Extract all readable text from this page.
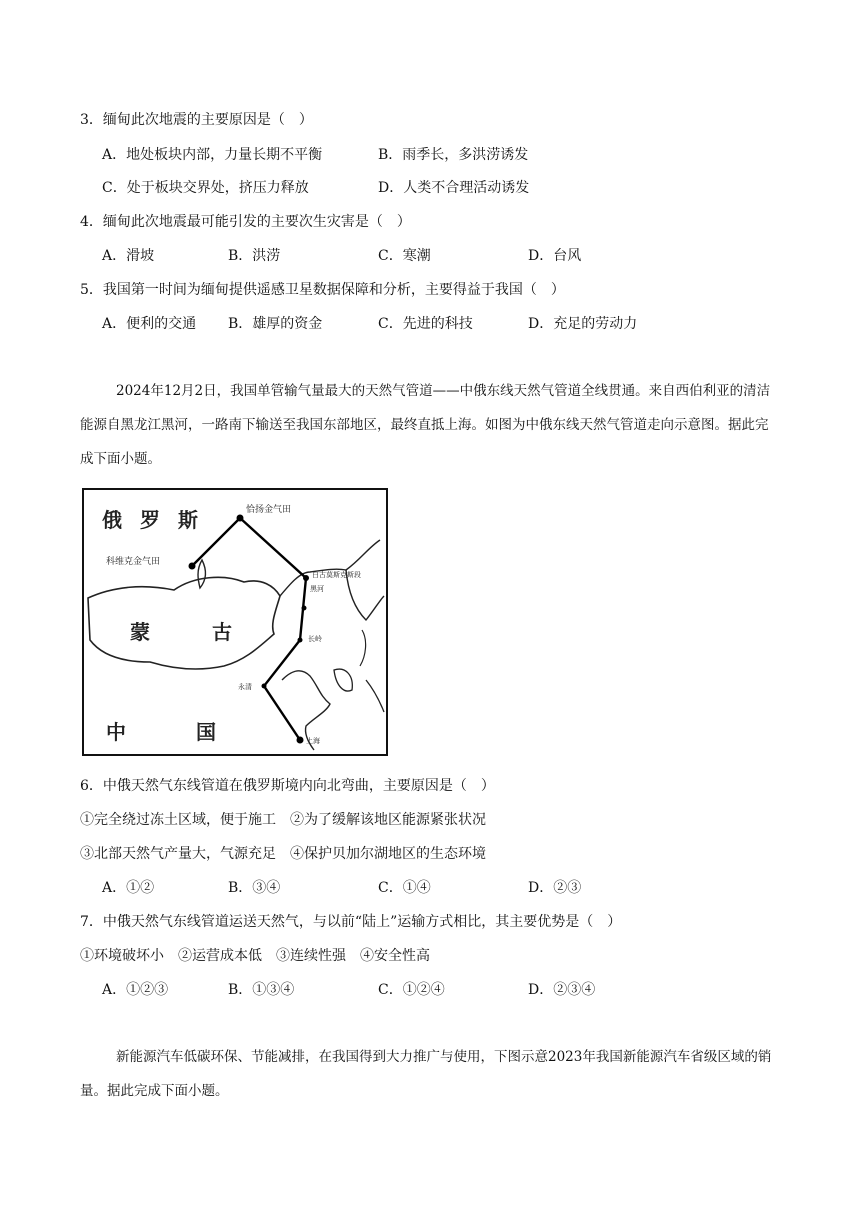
3．缅甸此次地震的主要原因是（　）
A．地处板块内部，力量长期不平衡	B．雨季长，多洪涝诱发
C．处于板块交界处，挤压力释放	D．人类不合理活动诱发
4．缅甸此次地震最可能引发的主要次生灾害是（　）
A．滑坡	B．洪涝	C．寒潮	D．台风
5．我国第一时间为缅甸提供遥感卫星数据保障和分析，主要得益于我国（　）
A．便利的交通 B．雄厚的资金	C．先进的科技	D．充足的劳动力
2024年12月2日，我国单管输气量最大的天然气管道——中俄东线天然气管道全线贯通。来自西伯利亚的清洁能源自黑龙江黑河，一路南下输送至我国东部地区，最终直抵上海。如图为中俄东线天然气管道走向示意图。据此完成下面小题。
俄罗斯
蒙	古
中	国
恰扬金气田
科维克金气田
白古莫斯克斯段
黑河
长岭
永清
上海
6．中俄天然气东线管道在俄罗斯境内向北弯曲，主要原因是（　）
①完全绕过冻土区域，便于施工　②为了缓解该地区能源紧张状况
③北部天然气产量大，气源充足　④保护贝加尔湖地区的生态环境
A．①②	B．③④	C．①④	D．②③
7．中俄天然气东线管道运送天然气，与以前“陆上”运输方式相比，其主要优势是（　）
①环境破坏小　②运营成本低　③连续性强　④安全性高
A．①②③	B．①③④	C．①②④	D．②③④
新能源汽车低碳环保、节能减排，在我国得到大力推广与使用，下图示意2023年我国新能源汽车省级区域的销量。据此完成下面小题。
